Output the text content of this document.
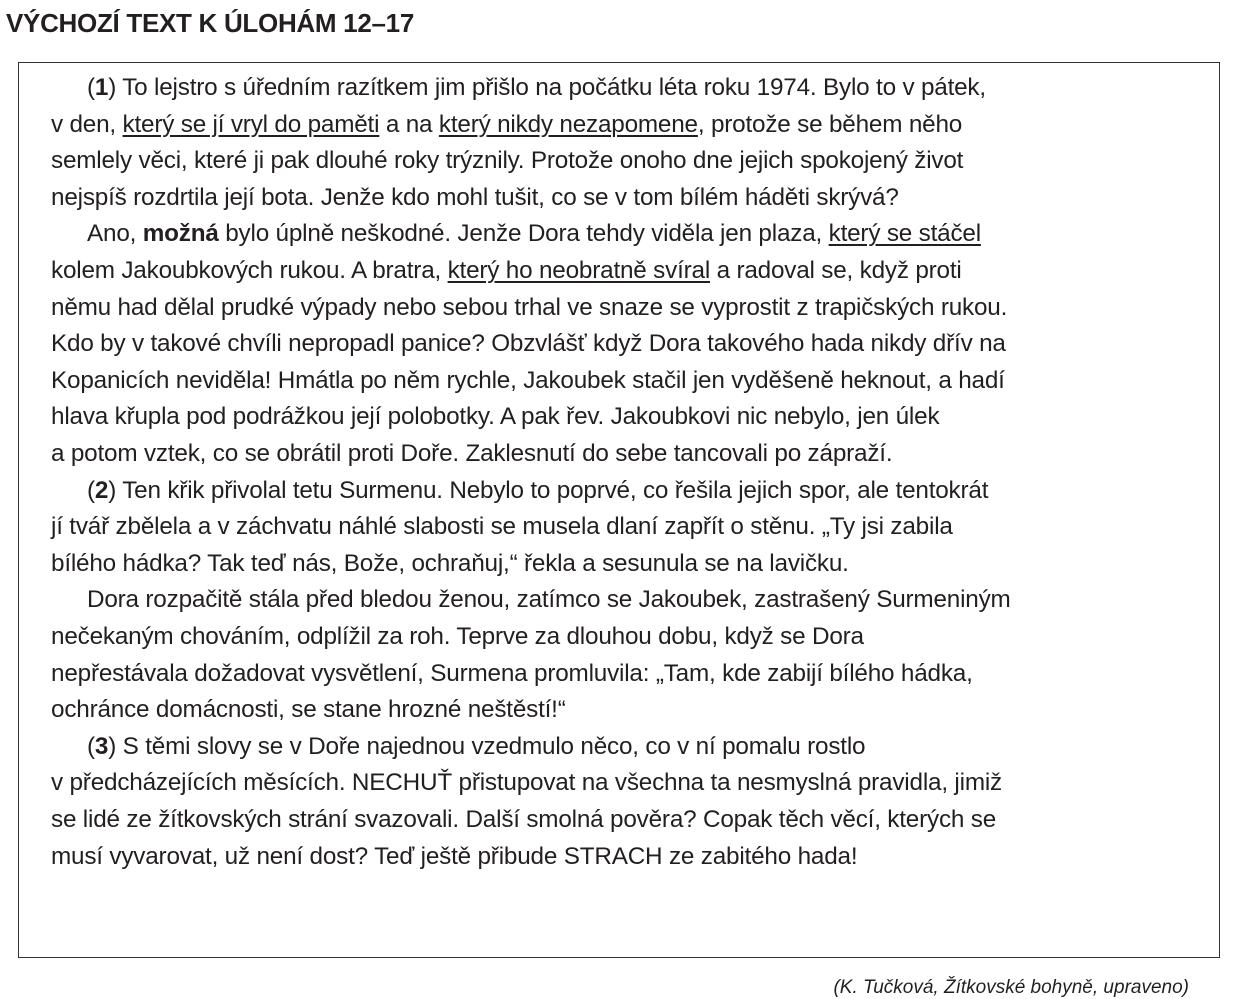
VÝCHOZÍ TEXT K ÚLOHÁM 12–17
(1) To lejstro s úředním razítkem jim přišlo na počátku léta roku 1974. Bylo to v pátek,
v den, který se jí vryl do paměti a na který nikdy nezapomene, protože se během něho
semlely věci, které ji pak dlouhé roky trýznily. Protože onoho dne jejich spokojený život
nejspíš rozdrtila její bota. Jenže kdo mohl tušit, co se v tom bílém háděti skrývá?
Ano, možná bylo úplně neškodné. Jenže Dora tehdy viděla jen plaza, který se stáčel
kolem Jakoubkových rukou. A bratra, který ho neobratně svíral a radoval se, když proti
němu had dělal prudké výpady nebo sebou trhal ve snaze se vyprostit z trapičských rukou.
Kdo by v takové chvíli nepropadl panice? Obzvlášť když Dora takového hada nikdy dřív na
Kopanicích neviděla! Hmátla po něm rychle, Jakoubek stačil jen vyděšeně heknout, a hadí
hlava křupla pod podrážkou její polobotky. A pak řev. Jakoubkovi nic nebylo, jen úlek
a potom vztek, co se obrátil proti Doře. Zaklesnutí do sebe tancovali po zápraží.
(2) Ten křik přivolal tetu Surmenu. Nebylo to poprvé, co řešila jejich spor, ale tentokrát
jí tvář zbělela a v záchvatu náhlé slabosti se musela dlaní zapřít o stěnu. „Ty jsi zabila
bílého hádka? Tak teď nás, Bože, ochraňuj,“ řekla a sesunula se na lavičku.
Dora rozpačitě stála před bledou ženou, zatímco se Jakoubek, zastrašený Surmeniným
nečekaným chováním, odplížil za roh. Teprve za dlouhou dobu, když se Dora
nepřestávala dožadovat vysvětlení, Surmena promluvila: „Tam, kde zabijí bílého hádka,
ochránce domácnosti, se stane hrozné neštěstí!“
(3) S těmi slovy se v Doře najednou vzedmulo něco, co v ní pomalu rostlo
v předcházejících měsících. NECHUŤ přistupovat na všechna ta nesmyslná pravidla, jimiž
se lidé ze žítkovských strání svazovali. Další smolná pověra? Copak těch věcí, kterých se
musí vyvarovat, už není dost? Teď ještě přibude STRACH ze zabitého hada!
(K. Tučková, Žítkovské bohyně, upraveno)
